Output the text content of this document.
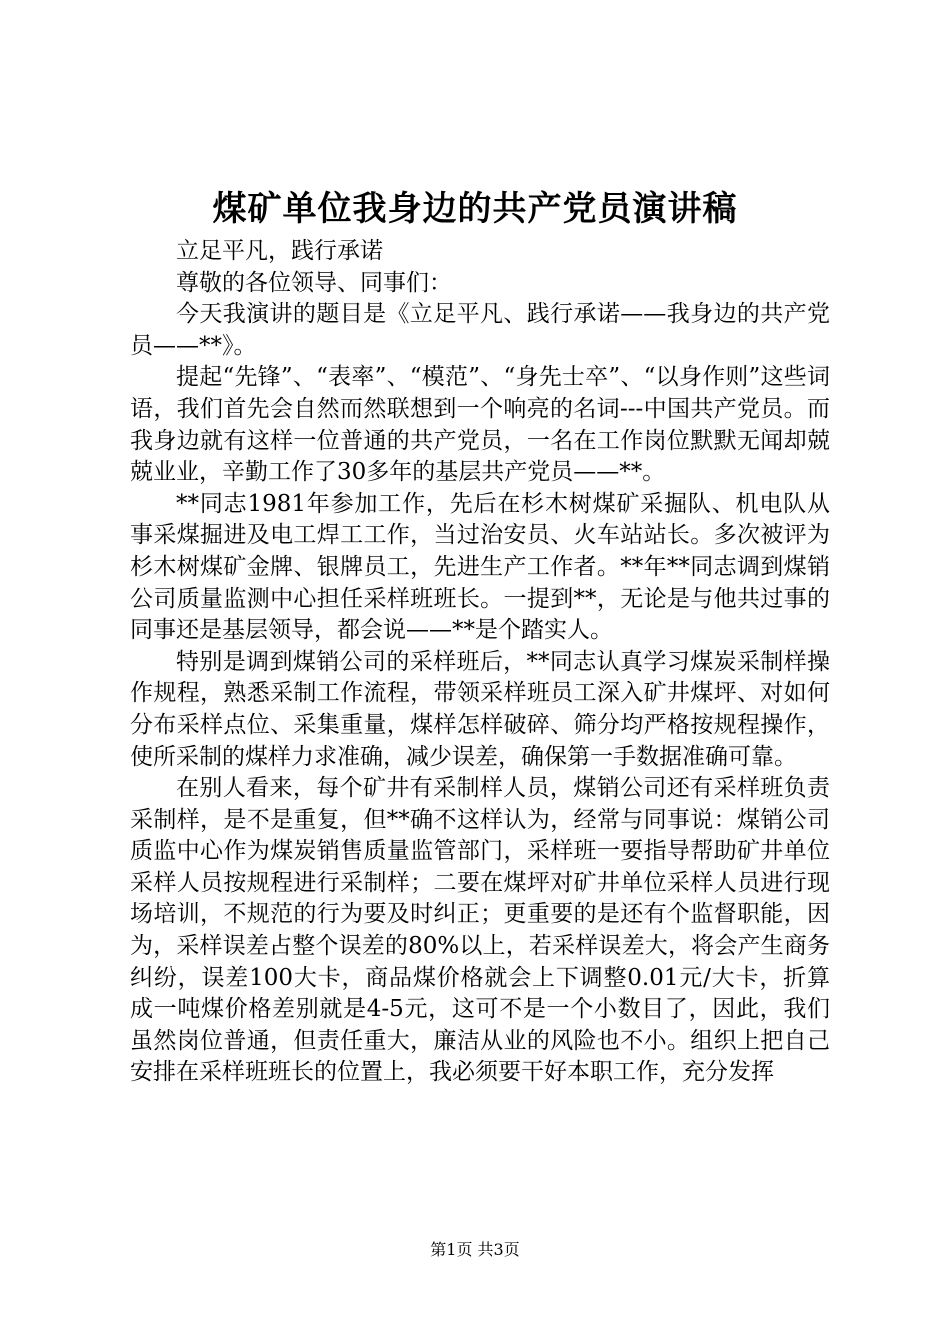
煤矿单位我身边的共产党员演讲稿

立足平凡，践行承诺

尊敬的各位领导、同事们：

今天我演讲的题目是《立足平凡、践行承诺——我身边的共产党员——**》。

提起“先锋”、“表率”、“模范”、“身先士卒”、“以身作则”这些词语，我们首先会自然而然联想到一个响亮的名词---中国共产党员。而我身边就有这样一位普通的共产党员，一名在工作岗位默默无闻却兢兢业业，辛勤工作了30多年的基层共产党员——**。

**同志1981年参加工作，先后在杉木树煤矿采掘队、机电队从事采煤掘进及电工焊工工作，当过治安员、火车站站长。多次被评为杉木树煤矿金牌、银牌员工，先进生产工作者。**年**同志调到煤销公司质量监测中心担任采样班班长。一提到**，无论是与他共过事的同事还是基层领导，都会说——**是个踏实人。

特别是调到煤销公司的采样班后，**同志认真学习煤炭采制样操作规程，熟悉采制工作流程，带领采样班员工深入矿井煤坪、对如何分布采样点位、采集重量，煤样怎样破碎、筛分均严格按规程操作，使所采制的煤样力求准确，减少误差，确保第一手数据准确可靠。

在别人看来，每个矿井有采制样人员，煤销公司还有采样班负责采制样，是不是重复，但**确不这样认为，经常与同事说：煤销公司质监中心作为煤炭销售质量监管部门，采样班一要指导帮助矿井单位采样人员按规程进行采制样；二要在煤坪对矿井单位采样人员进行现场培训，不规范的行为要及时纠正；更重要的是还有个监督职能，因为，采样误差占整个误差的80%以上，若采样误差大，将会产生商务纠纷，误差100大卡，商品煤价格就会上下调整0.01元/大卡，折算成一吨煤价格差别就是4-5元，这可不是一个小数目了，因此，我们虽然岗位普通，但责任重大，廉洁从业的风险也不小。组织上把自己安排在采样班班长的位置上，我必须要干好本职工作，充分发挥

第1页 共3页
